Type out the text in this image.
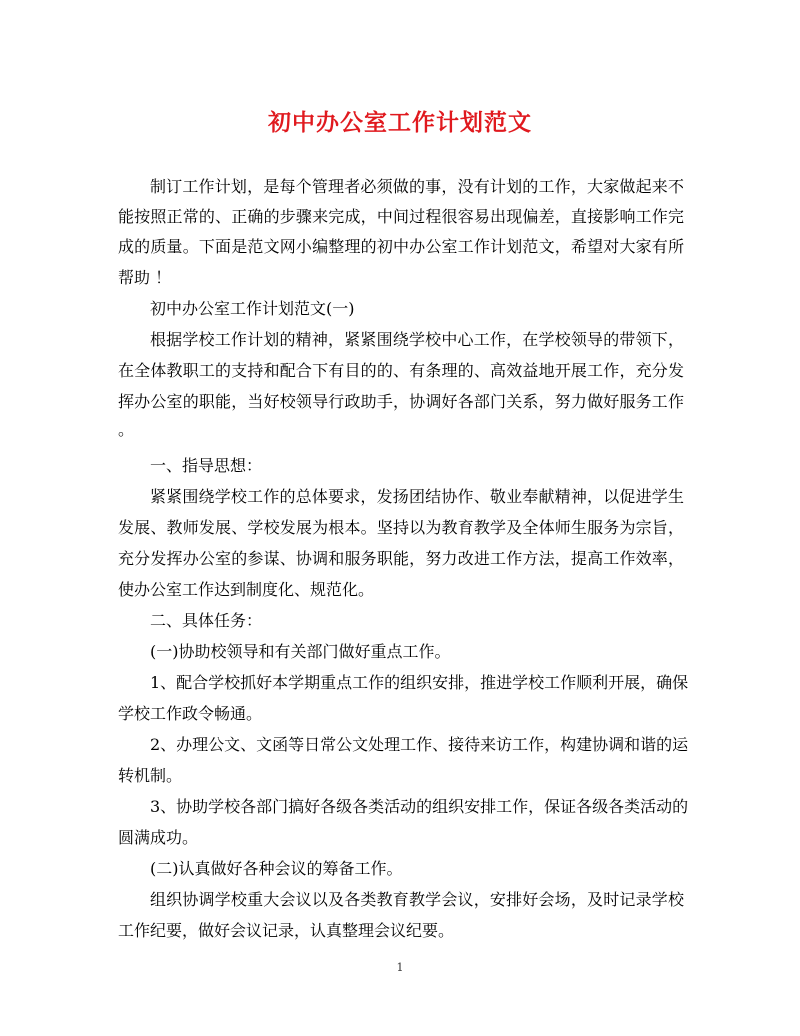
初中办公室工作计划范文
制订工作计划，是每个管理者必须做的事，没有计划的工作，大家做起来不
能按照正常的、正确的步骤来完成，中间过程很容易出现偏差，直接影响工作完
成的质量。下面是范文网小编整理的初中办公室工作计划范文，希望对大家有所
帮助 ！
初中办公室工作计划范文(一)
根据学校工作计划的精神，紧紧围绕学校中心工作，在学校领导的带领下，
在全体教职工的支持和配合下有目的的、有条理的、高效益地开展工作，充分发
挥办公室的职能，当好校领导行政助手，协调好各部门关系，努力做好服务工作
。
一、指导思想：
紧紧围绕学校工作的总体要求，发扬团结协作、敬业奉献精神，以促进学生
发展、教师发展、学校发展为根本。坚持以为教育教学及全体师生服务为宗旨，
充分发挥办公室的参谋、协调和服务职能，努力改进工作方法，提高工作效率，
使办公室工作达到制度化、规范化。
二、具体任务：
(一)协助校领导和有关部门做好重点工作。
1、配合学校抓好本学期重点工作的组织安排，推进学校工作顺利开展，确保
学校工作政令畅通。
2、办理公文、文函等日常公文处理工作、接待来访工作，构建协调和谐的运
转机制。
3、协助学校各部门搞好各级各类活动的组织安排工作，保证各级各类活动的
圆满成功。
(二)认真做好各种会议的筹备工作。
组织协调学校重大会议以及各类教育教学会议，安排好会场，及时记录学校
工作纪要，做好会议记录，认真整理会议纪要。
1
